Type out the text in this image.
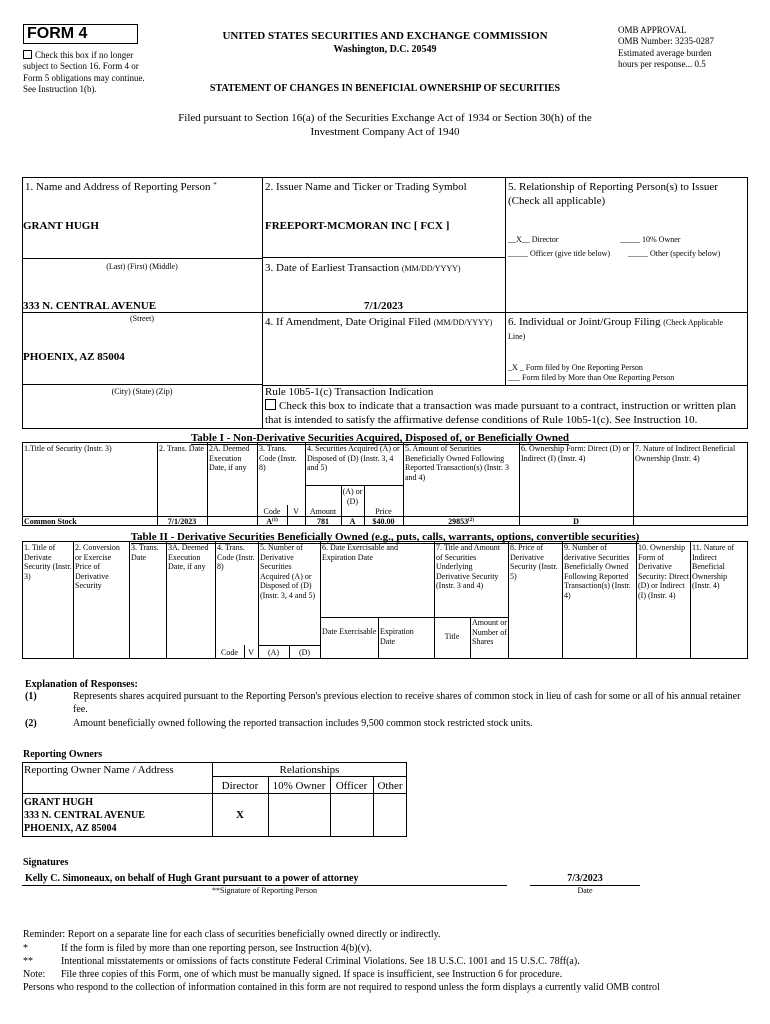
FORM 4
Check this box if no longer subject to Section 16. Form 4 or Form 5 obligations may continue. See Instruction 1(b).
UNITED STATES SECURITIES AND EXCHANGE COMMISSION
Washington, D.C. 20549
STATEMENT OF CHANGES IN BENEFICIAL OWNERSHIP OF SECURITIES
OMB APPROVAL
OMB Number: 3235-0287
Estimated average burden
hours per response... 0.5
Filed pursuant to Section 16(a) of the Securities Exchange Act of 1934 or Section 30(h) of the
Investment Company Act of 1940
1. Name and Address of Reporting Person *
GRANT HUGH
(Last) (First) (Middle)
333 N. CENTRAL AVENUE
(Street)
PHOENIX, AZ 85004
(City) (State) (Zip)
2. Issuer Name and Ticker or Trading Symbol
FREEPORT-MCMORAN INC [ FCX ]
3. Date of Earliest Transaction (MM/DD/YYYY)
7/1/2023
4. If Amendment, Date Original Filed (MM/DD/YYYY)
5. Relationship of Reporting Person(s) to Issuer
(Check all applicable)
__X__ Director	_____ 10% Owner
_____ Officer (give title below) _____ Other (specify below)
6. Individual or Joint/Group Filing (Check Applicable
Line)
_X _ Form filed by One Reporting Person
___ Form filed by More than One Reporting Person
Rule 10b5-1(c) Transaction Indication
Check this box to indicate that a transaction was made pursuant to a contract, instruction or written plan that is intended to satisfy the affirmative defense conditions of Rule 10b5-1(c). See Instruction 10.
Table I - Non-Derivative Securities Acquired, Disposed of, or Beneficially Owned
1.Title of Security (Instr. 3)	2. Trans. Date 2A. Deemed Execution Date, if any
3. Trans. Code (Instr. 8)
4. Securities Acquired (A) or Disposed of (D) (Instr. 3, 4 and 5)
5. Amount of Securities Beneficially Owned Following Reported Transaction(s) (Instr. 3 and 4)
6. Ownership Form: Direct (D) or Indirect (I) (Instr. 4)
7. Nature of Indirect Beneficial Ownership (Instr. 4)
Code	V	Amount
(A) or (D)
Price
Common Stock	7/1/2023	$A^{(1)}$	781	A	$40.00	29853$^{(2)}$	D
Table II - Derivative Securities Beneficially Owned (e.g., puts, calls, warrants, options, convertible securities)
1. Title of Derivate Security (Instr. 3)
2. Conversion or Exercise Price of Derivative Security
3. Trans. Date
3A. Deemed Execution Date, if any
4. Trans. Code (Instr. 8)
5. Number of Derivative Securities Acquired (A) or Disposed of (D) (Instr. 3, 4 and 5)
6. Date Exercisable and Expiration Date
7. Title and Amount of Securities Underlying Derivative Security (Instr. 3 and 4)
8. Price of Derivative Security (Instr. 5)
9. Number of derivative Securities Beneficially Owned Following Reported Transaction(s) (Instr. 4)
10. Ownership Form of Derivative Security: Direct (D) or Indirect (I) (Instr. 4)
11. Nature of Indirect Beneficial Ownership (Instr. 4)
Code	V	(A)	(D)
Date Exercisable Expiration Date
Title
Amount or Number of Shares
Explanation of Responses:
(1)	Represents shares acquired pursuant to the Reporting Person's previous election to receive shares of common stock in lieu of cash for some or all of his annual retainer fee.
(2)	Amount beneficially owned following the reported transaction includes 9,500 common stock restricted stock units.
Reporting Owners
Reporting Owner Name / Address	Relationships
Director	10% Owner Officer Other
GRANT HUGH
333 N. CENTRAL AVENUE
PHOENIX, AZ 85004
X
Signatures
Kelly C. Simoneaux, on behalf of Hugh Grant pursuant to a power of attorney
**Signature of Reporting Person
7/3/2023
Date
Reminder: Report on a separate line for each class of securities beneficially owned directly or indirectly.
*	If the form is filed by more than one reporting person, see Instruction 4(b)(v).
**	Intentional misstatements or omissions of facts constitute Federal Criminal Violations. See 18 U.S.C. 1001 and 15 U.S.C. 78ff(a).
Note: File three copies of this Form, one of which must be manually signed. If space is insufficient, see Instruction 6 for procedure.
Persons who respond to the collection of information contained in this form are not required to respond unless the form displays a currently valid OMB control
